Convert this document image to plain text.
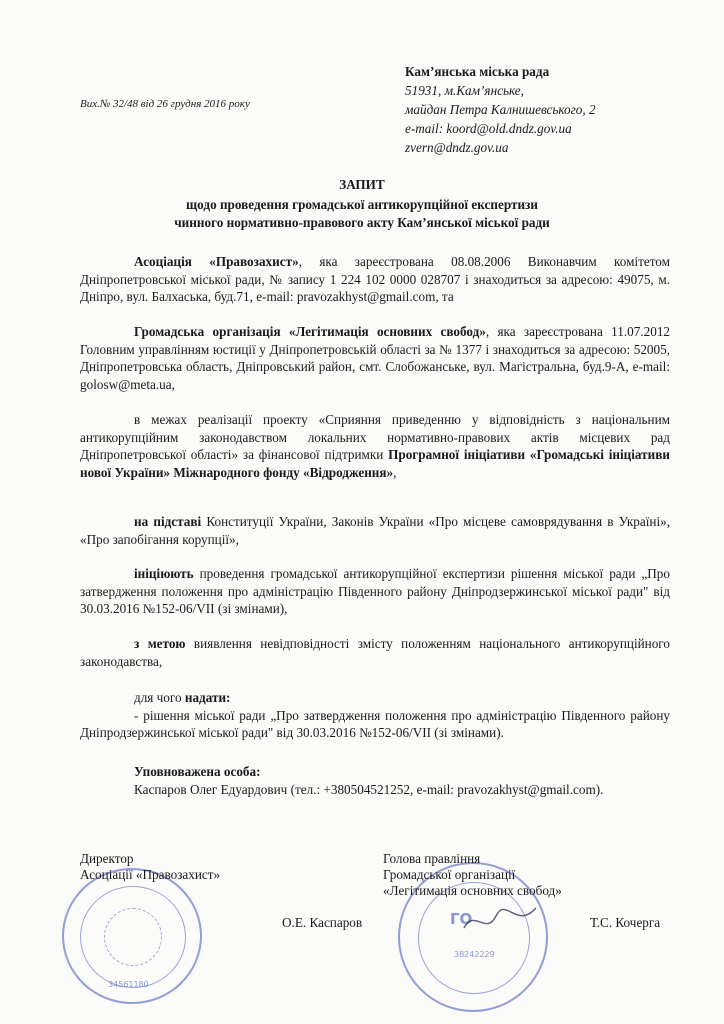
Вих.№ 32/48 від 26 грудня 2016 року
Кам’янська міська рада
51931, м.Кам’янське,
майдан Петра Калнишевського, 2
e-mail: koord@old.dndz.gov.ua
zvern@dndz.gov.ua
ЗАПИТ
щодо проведення громадської антикорупційної експертизи
чинного нормативно-правового акту Кам’янської міської ради
Асоціація «Правозахист», яка зареєстрована 08.08.2006 Виконавчим комітетом Дніпропетровської міської ради, № запису 1 224 102 0000 028707 і знаходиться за адресою: 49075, м. Дніпро, вул. Балхаська, буд.71, e-mail: pravozakhyst@gmail.com, та
Громадська організація «Легітимація основних свобод», яка зареєстрована 11.07.2012 Головним управлінням юстиції у Дніпропетровській області за № 1377 і знаходиться за адресою: 52005, Дніпропетровська область, Дніпровський район, смт. Слобожанське, вул. Магістральна, буд.9-А, e-mail: golosw@meta.ua,
в межах реалізації проекту «Сприяння приведенню у відповідність з національним антикорупційним законодавством локальних нормативно-правових актів місцевих рад Дніпропетровської області» за фінансової підтримки Програмної ініціативи «Громадські ініціативи нової України» Міжнародного фонду «Відродження»,
на підставі Конституції України, Законів України «Про місцеве самоврядування в Україні», «Про запобігання корупції»,
ініціюють проведення громадської антикорупційної експертизи рішення міської ради „Про затвердження положення про адміністрацію Південного району Дніпродзержинської міської ради" від 30.03.2016 №152-06/VII (зі змінами),
з метою виявлення невідповідності змісту положенням національного антикорупційного законодавства,
для чого надати:
- рішення міської ради „Про затвердження положення про адміністрацію Південного району Дніпродзержинської міської ради" від 30.03.2016 №152-06/VII (зі змінами).
Уповноважена особа:
Каспаров Олег Едуардович (тел.: +380504521252, e-mail: pravozakhyst@gmail.com).
34561180
ГО
38242229
Директор
Асоціації «Правозахист»
О.Е. Каспаров
Голова правління
Громадської організації
«Легітимація основних свобод»
Т.С. Кочерга
